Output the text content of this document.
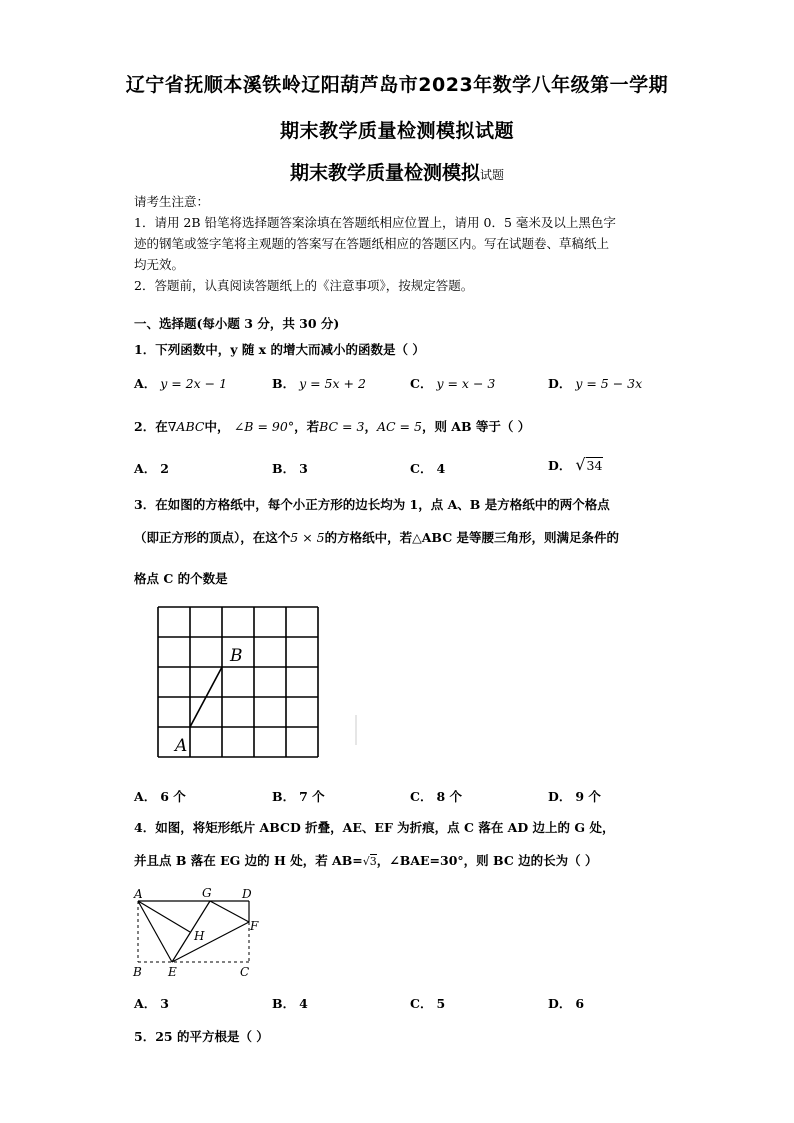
辽宁省抚顺本溪铁岭辽阳葫芦岛市2023年数学八年级第一学期
期末教学质量检测模拟试题
期末教学质量检测模拟试题
请考生注意：
1．请用 2B 铅笔将选择题答案涂填在答题纸相应位置上，请用 0．5 毫米及以上黑色字
迹的钢笔或签字笔将主观题的答案写在答题纸相应的答题区内。写在试题卷、草稿纸上
均无效。
2．答题前，认真阅读答题纸上的《注意事项》，按规定答题。
一、选择题(每小题 3 分，共 30 分)
1．下列函数中，y 随 x 的增大而减小的函数是（ ）
A． y = 2x − 1	B． y = 5x + 2	C． y = x − 3	D． y = 5 − 3x
2．在∇ABC中， ∠B = 90°，若BC = 3，AC = 5，则 AB 等于（ ）
A． 2	B． 3	C． 4	D． √34
3．在如图的方格纸中，每个小正方形的边长均为 1，点 A、B 是方格纸中的两个格点
（即正方形的顶点），在这个5 × 5的方格纸中，若△ABC 是等腰三角形，则满足条件的
格点 C 的个数是
B
A
A． 6 个	B． 7 个	C． 8 个	D． 9 个
4．如图，将矩形纸片 ABCD 折叠，AE、EF 为折痕，点 C 落在 AD 边上的 G 处，
并且点 B 落在 EG 边的 H 处，若 AB=√3，∠BAE=30°，则 BC 边的长为（ ）
A	G	D
H
F
B E	C
A． 3	B． 4	C． 5	D． 6
5．25 的平方根是（ ）
